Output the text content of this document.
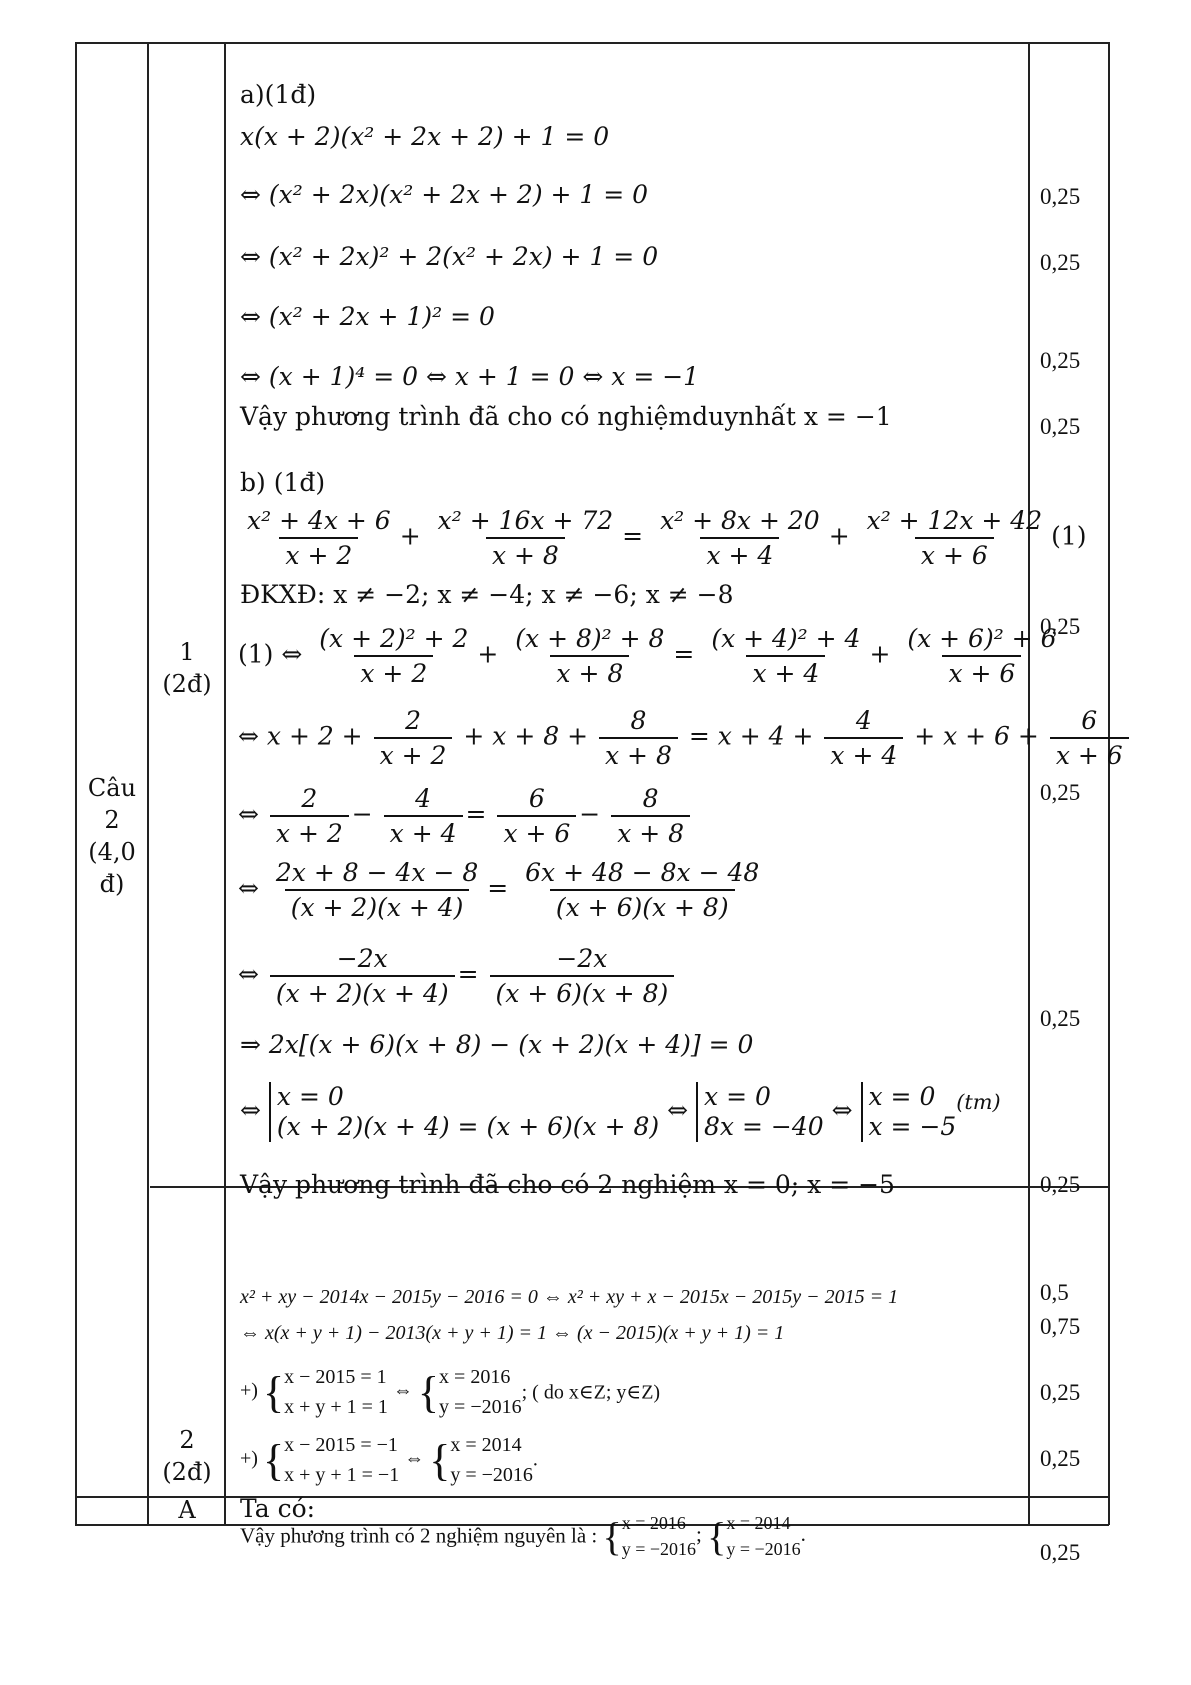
Câu
2
(4,0
đ)
1
(2đ)
2
(2đ)
A	Ta có:
a)(1đ)
x(x + 2)(x² + 2x + 2) + 1 = 0
⇔ (x² + 2x)(x² + 2x + 2) + 1 = 0
⇔ (x² + 2x)² + 2(x² + 2x) + 1 = 0
⇔ (x² + 2x + 1)² = 0
⇔ (x + 1)⁴ = 0 ⇔ x + 1 = 0 ⇔ x = −1
Vậy phương trình đã cho có nghiệmduynhất x = −1
b) (1đ)
$\frac{\text{x² + 4x + 6}}{x + 2} + \frac{\text{x² + 16x + 72}}{x + 8} = \frac{\text{x² + 8x + 20}}{x + 4} + \frac{\text{x² + 12x + 42}}{x + 6} (1)$
ĐKXĐ: x ≠ −2; x ≠ −4; x ≠ −6; x ≠ −8
(1) ⇔ $\frac{\text{(x + 2)² + 2}}{x + 2} + \frac{\text{(x + 8)² + 8}}{x + 8} = \frac{\text{(x + 4)² + 4}}{x + 4} + \frac{\text{(x + 6)² + 6}}{x + 6}$
⇔ $x + 2 + \frac{2}{x + 2} + x + 8 + \frac{8}{x + 8} = x + 4 + \frac{4}{x + 4} + x + 6 + \frac{6}{x + 6}$
⇔ $\frac{2}{x + 2} - \frac{4}{x + 4} = \frac{6}{x + 6} - \frac{8}{x + 8}$
⇔ $\frac{2x + 8 - 4x - 8}{(x + 2)(x + 4)} = \frac{6x + 48 - 8x - 48}{(x + 6)(x + 8)}$
⇔ $\frac{-2x}{(x + 2)(x + 4)} = \frac{-2x}{(x + 6)(x + 8)}$
⇒ 2x[(x + 6)(x + 8) − (x + 2)(x + 4)] = 0
⇔ x = 0
(x + 2)(x + 4) = (x + 6)(x + 8) ⇔ x = 0
8x = −40 ⇔ x = 0
$x = -5^{(tm)}$
Vậy phương trình đã cho có 2 nghiệm x = 0; x = −5
x² + xy − 2014x − 2015y − 2016 = 0 ⇔ x² + xy + x − 2015x − 2015y − 2015 = 1
⇔ x(x + y + 1) − 2013(x + y + 1) = 1 ⇔ (x − 2015)(x + y + 1) = 1
+) {x − 2015 = 1
x + y + 1 = 1 ⇔ {x = 2016
y = −2016; ( do x∈Z; y∈Z)
+) {x − 2015 = −1
x + y + 1 = −1 ⇔ {x = 2014
y = −2016.
Vậy phương trình có 2 nghiệm nguyên là : {x = 2016
y = −2016; {x = 2014
y = −2016.
0,25
0,25
0,25
0,25
0,25
0,25
0,25
0,25
0,5
0,75
0,25
0,25
0,25
